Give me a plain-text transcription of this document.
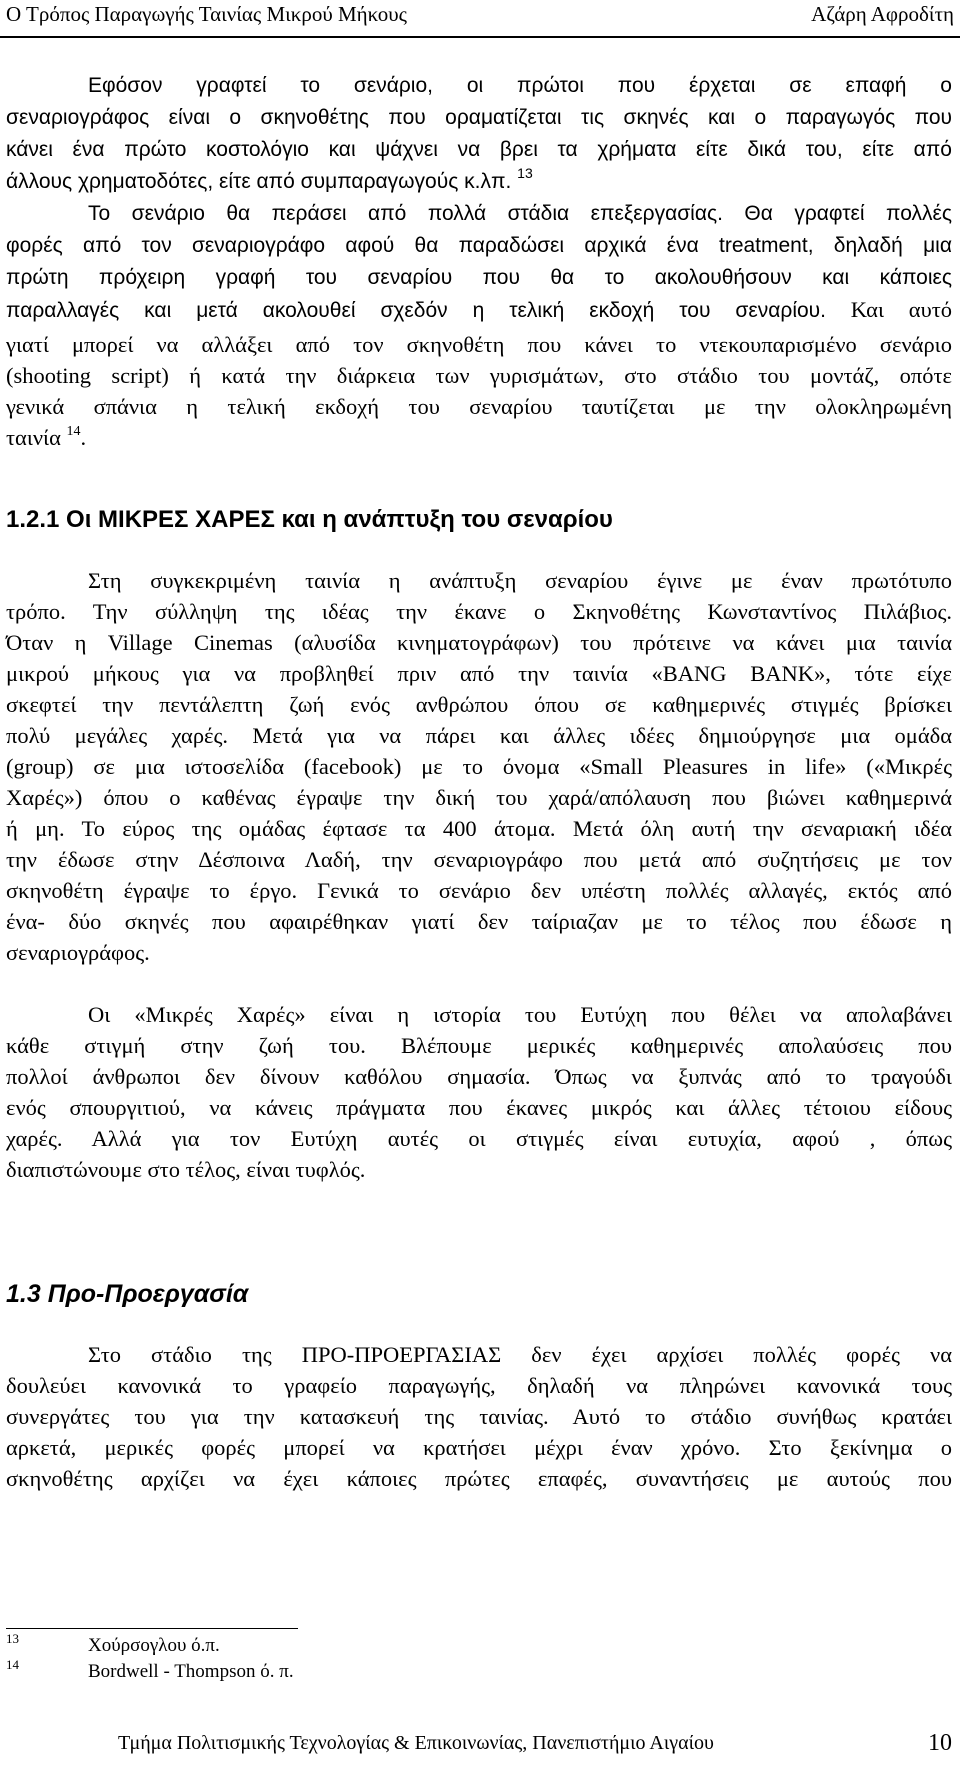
Ο Τρόπος Παραγωγής Ταινίας Μικρού Μήκους	Αζάρη Αφροδίτη
Εφόσον γραφτεί το σενάριο, οι πρώτοι που έρχεται σε επαφή ο
σεναριογράφος είναι ο σκηνοθέτης που οραματίζεται τις σκηνές και ο παραγωγός που
κάνει ένα πρώτο κοστολόγιο και ψάχνει να βρει τα χρήματα είτε δικά του, είτε από
άλλους χρηματοδότες, είτε από συμπαραγωγούς κ.λπ. $^{13}$
Το σενάριο θα περάσει από πολλά στάδια επεξεργασίας. Θα γραφτεί πολλές
φορές από τον σεναριογράφο αφού θα παραδώσει αρχικά ένα treatment, δηλαδή μια
πρώτη πρόχειρη γραφή του σεναρίου που θα το ακολουθήσουν και κάποιες
παραλλαγές και μετά ακολουθεί σχεδόν η τελική εκδοχή του σεναρίου. Και αυτό
γιατί μπορεί να αλλάξει από τον σκηνοθέτη που κάνει το ντεκουπαρισμένο σενάριο
(shooting script) ή κατά την διάρκεια των γυρισμάτων, στο στάδιο του μοντάζ, οπότε
γενικά σπάνια η τελική εκδοχή του σεναρίου ταυτίζεται με την ολοκληρωμένη
ταινία $^{14}$.
1.2.1 Οι ΜΙΚΡΕΣ ΧΑΡΕΣ και η ανάπτυξη του σεναρίου
Στη συγκεκριμένη ταινία η ανάπτυξη σεναρίου έγινε με έναν πρωτότυπο
τρόπο. Την σύλληψη της ιδέας την έκανε ο Σκηνοθέτης Κωνσταντίνος Πιλάβιος.
Όταν η Village Cinemas (αλυσίδα κινηματογράφων) του πρότεινε να κάνει μια ταινία
μικρού μήκους για να προβληθεί πριν από την ταινία «BANG BANK», τότε είχε
σκεφτεί την πεντάλεπτη ζωή ενός ανθρώπου όπου σε καθημερινές στιγμές βρίσκει
πολύ μεγάλες χαρές. Μετά για να πάρει και άλλες ιδέες δημιούργησε μια ομάδα
(group) σε μια ιστοσελίδα (facebook) με το όνομα «Small Pleasures in life» («Μικρές
Χαρές») όπου ο καθένας έγραψε την δική του χαρά/απόλαυση που βιώνει καθημερινά
ή μη. Το εύρος της ομάδας έφτασε τα 400 άτομα. Μετά όλη αυτή την σεναριακή ιδέα
την έδωσε στην Δέσποινα Λαδή, την σεναριογράφο που μετά από συζητήσεις με τον
σκηνοθέτη έγραψε το έργο. Γενικά το σενάριο δεν υπέστη πολλές αλλαγές, εκτός από
ένα- δύο σκηνές που αφαιρέθηκαν γιατί δεν ταίριαζαν με το τέλος που έδωσε η
σεναριογράφος.
Οι «Μικρές Χαρές» είναι η ιστορία του Ευτύχη που θέλει να απολαβάνει
κάθε στιγμή στην ζωή του. Βλέπουμε μερικές καθημερινές απολαύσεις που
πολλοί άνθρωποι δεν δίνουν καθόλου σημασία. Όπως να ξυπνάς από το τραγούδι
ενός σπουργιτιού, να κάνεις πράγματα που έκανες μικρός και άλλες τέτοιου είδους
χαρές. Αλλά για τον Ευτύχη αυτές οι στιγμές είναι ευτυχία, αφού , όπως
διαπιστώνουμε στο τέλος, είναι τυφλός.
1.3 Προ-Προεργασία
Στο στάδιο της ΠΡΟ-ΠΡΟΕΡΓΑΣΙΑΣ δεν έχει αρχίσει πολλές φορές να
δουλεύει κανονικά το γραφείο παραγωγής, δηλαδή να πληρώνει κανονικά τους
συνεργάτες του για την κατασκευή της ταινίας. Αυτό το στάδιο συνήθως κρατάει
αρκετά, μερικές φορές μπορεί να κρατήσει μέχρι έναν χρόνο. Στο ξεκίνημα ο
σκηνοθέτης αρχίζει να έχει κάποιες πρώτες επαφές, συναντήσεις με αυτούς που
13	Χούρσογλου ό.π.
14	Bordwell - Thompson ό. π.
Τμήμα Πολιτισμικής Τεχνολογίας & Επικοινωνίας, Πανεπιστήμιο Αιγαίου	10
